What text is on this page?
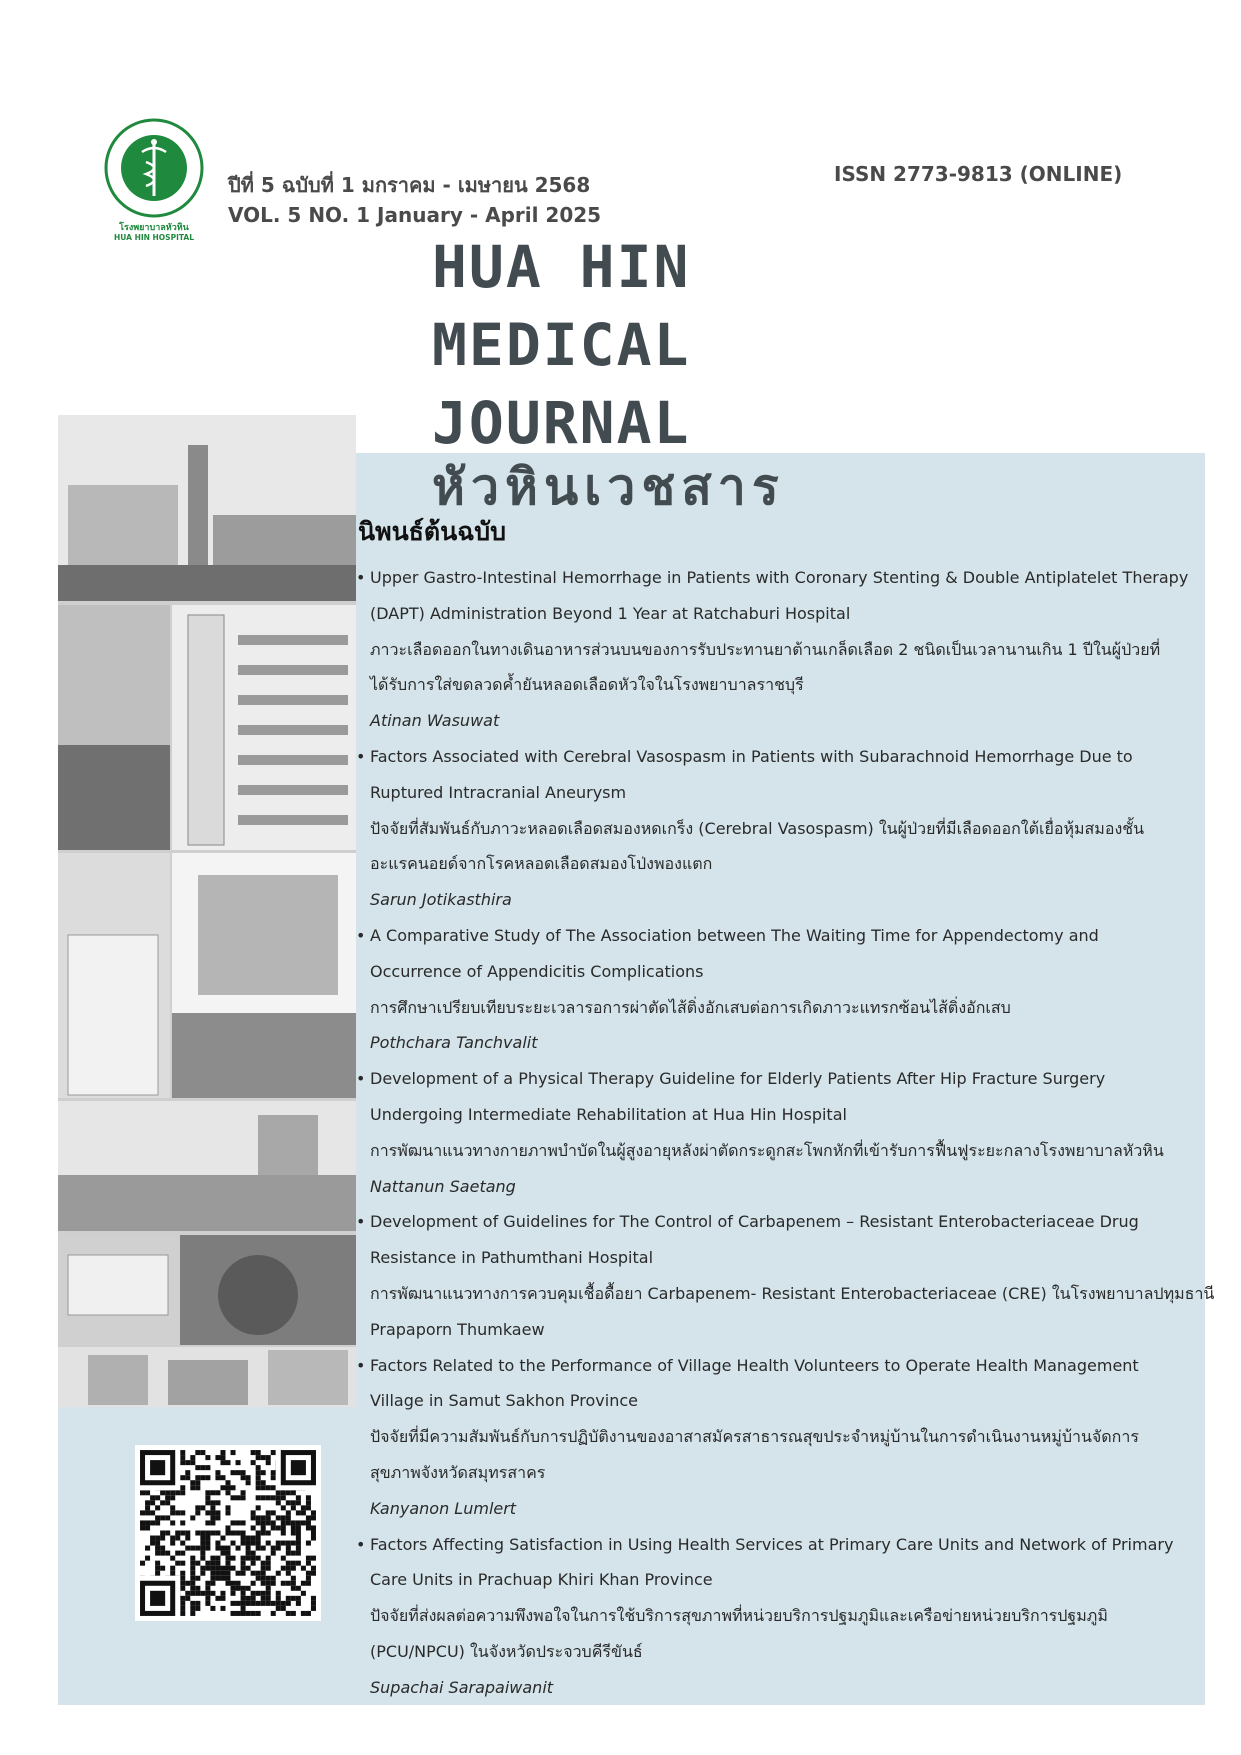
โรงพยาบาลหัวหิน
HUA HIN HOSPITAL
ปีที่ 5 ฉบับที่ 1 มกราคม - เมษายน 2568
VOL. 5 NO. 1 January - April 2025
ISSN 2773-9813 (ONLINE)
HUA HIN
MEDICAL
JOURNAL
หัวหินเวชสาร
นิพนธ์ต้นฉบับ
• Upper Gastro-Intestinal Hemorrhage in Patients with Coronary Stenting & Double Antiplatelet Therapy
(DAPT) Administration Beyond 1 Year at Ratchaburi Hospital
ภาวะเลือดออกในทางเดินอาหารส่วนบนของการรับประทานยาต้านเกล็ดเลือด 2 ชนิดเป็นเวลานานเกิน 1 ปีในผู้ป่วยที่
ได้รับการใส่ขดลวดค้ำยันหลอดเลือดหัวใจในโรงพยาบาลราชบุรี
Atinan Wasuwat
• Factors Associated with Cerebral Vasospasm in Patients with Subarachnoid Hemorrhage Due to
Ruptured Intracranial Aneurysm
ปัจจัยที่สัมพันธ์กับภาวะหลอดเลือดสมองหดเกร็ง (Cerebral Vasospasm) ในผู้ป่วยที่มีเลือดออกใต้เยื่อหุ้มสมองชั้น
อะแรคนอยด์จากโรคหลอดเลือดสมองโป่งพองแตก
Sarun Jotikasthira
• A Comparative Study of The Association between The Waiting Time for Appendectomy and
Occurrence of Appendicitis Complications
การศึกษาเปรียบเทียบระยะเวลารอการผ่าตัดไส้ติ่งอักเสบต่อการเกิดภาวะแทรกซ้อนไส้ติ่งอักเสบ
Pothchara Tanchvalit
• Development of a Physical Therapy Guideline for Elderly Patients After Hip Fracture Surgery
Undergoing Intermediate Rehabilitation at Hua Hin Hospital
การพัฒนาแนวทางกายภาพบำบัดในผู้สูงอายุหลังผ่าตัดกระดูกสะโพกหักที่เข้ารับการฟื้นฟูระยะกลางโรงพยาบาลหัวหิน
Nattanun Saetang
• Development of Guidelines for The Control of Carbapenem – Resistant Enterobacteriaceae Drug
Resistance in Pathumthani Hospital
การพัฒนาแนวทางการควบคุมเชื้อดื้อยา Carbapenem- Resistant Enterobacteriaceae (CRE) ในโรงพยาบาลปทุมธานี
Prapaporn Thumkaew
• Factors Related to the Performance of Village Health Volunteers to Operate Health Management
Village in Samut Sakhon Province
ปัจจัยที่มีความสัมพันธ์กับการปฏิบัติงานของอาสาสมัครสาธารณสุขประจำหมู่บ้านในการดำเนินงานหมู่บ้านจัดการ
สุขภาพจังหวัดสมุทรสาคร
Kanyanon Lumlert
• Factors Affecting Satisfaction in Using Health Services at Primary Care Units and Network of Primary
Care Units in Prachuap Khiri Khan Province
ปัจจัยที่ส่งผลต่อความพึงพอใจในการใช้บริการสุขภาพที่หน่วยบริการปฐมภูมิและเครือข่ายหน่วยบริการปฐมภูมิ
(PCU/NPCU) ในจังหวัดประจวบคีรีขันธ์
Supachai Sarapaiwanit
